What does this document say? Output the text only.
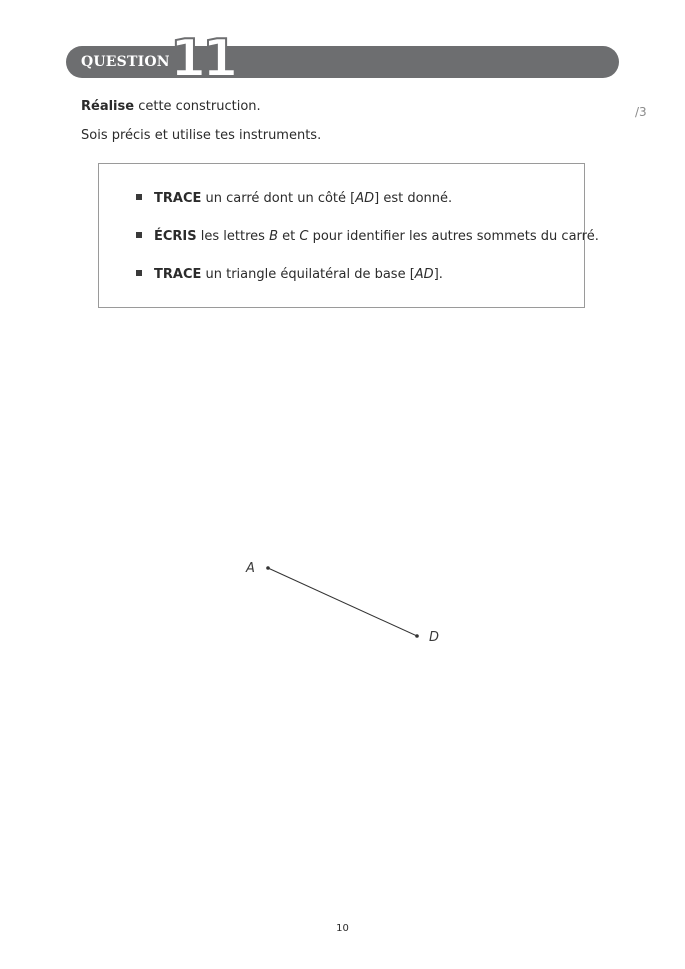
QUESTION 11
/3
Réalise cette construction.
Sois précis et utilise tes instruments.
TRACE un carré dont un côté [AD] est donné.
ÉCRIS les lettres B et C pour identifier les autres sommets du carré.
TRACE un triangle équilatéral de base [AD].
A
D
10
